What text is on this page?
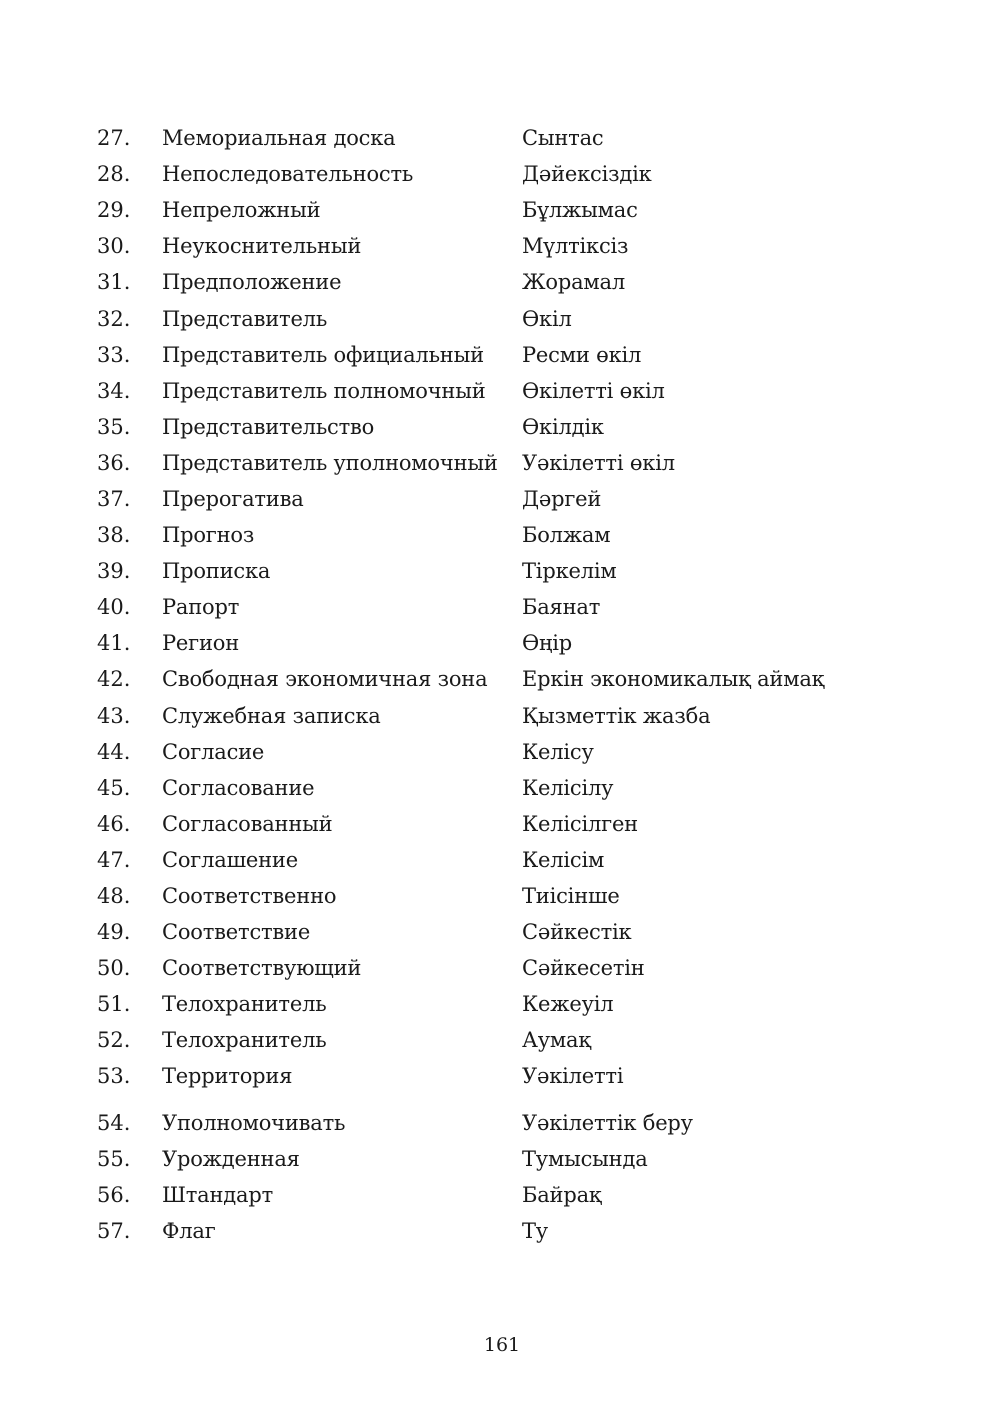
27.	Мемориальная доска	Сынтас
28.	Непоследовательность	Дәйексіздік
29.	Непреложный	Бұлжымас
30.	Неукоснительный	Мүлтіксіз
31.	Предположение	Жорамал
32.	Представитель	Өкіл
33.	Представитель официальный	Ресми өкіл
34.	Представитель полномочный	Өкілетті өкіл
35.	Представительство	Өкілдік
36.	Представитель уполномочный	Уәкілетті өкіл
37.	Прерогатива	Дәргей
38.	Прогноз	Болжам
39.	Прописка	Тіркелім
40.	Рапорт	Баянат
41.	Регион	Өңір
42.	Свободная экономичная зона	Еркін экономикалық аймақ
43.	Служебная записка	Қызметтік жазба
44.	Согласие	Келісу
45.	Согласование	Келісілу
46.	Согласованный	Келісілген
47.	Соглашение	Келісім
48.	Соответственно	Тиісінше
49.	Соответствие	Сәйкестік
50.	Соответствующий	Сәйкесетін
51.	Телохранитель	Кежеуіл
52.	Телохранитель	Аумақ
53.	Территория	Уәкілетті
54.	Уполномочивать	Уәкілеттік беру
55.	Урожденная	Тумысында
56.	Штандарт	Байрақ
57.	Флаг	Ту
161
